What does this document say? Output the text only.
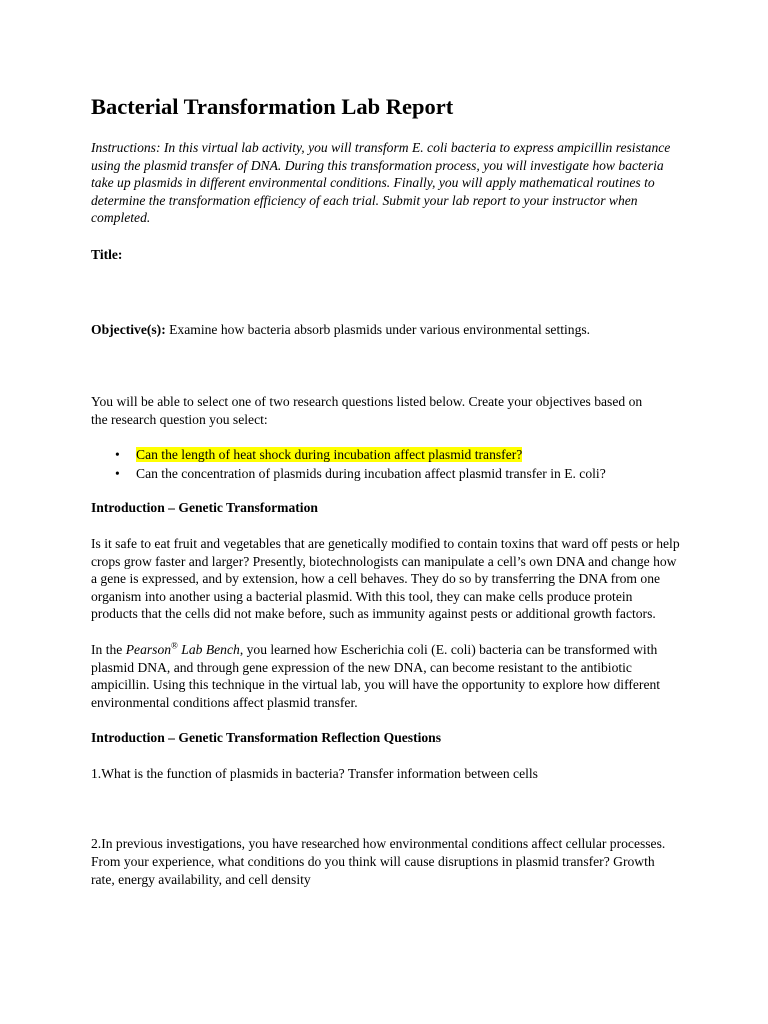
Bacterial Transformation Lab Report

Instructions: In this virtual lab activity, you will transform E. coli bacteria to express ampicillin resistance using the plasmid transfer of DNA. During this transformation process, you will investigate how bacteria take up plasmids in different environmental conditions. Finally, you will apply mathematical routines to determine the transformation efficiency of each trial. Submit your lab report to your instructor when completed.

Title:

Objective(s): Examine how bacteria absorb plasmids under various environmental settings.

You will be able to select one of two research questions listed below. Create your objectives based on the research question you select:

• Can the length of heat shock during incubation affect plasmid transfer?
• Can the concentration of plasmids during incubation affect plasmid transfer in E. coli?
Introduction – Genetic Transformation

Is it safe to eat fruit and vegetables that are genetically modified to contain toxins that ward off pests or help crops grow faster and larger? Presently, biotechnologists can manipulate a cell’s own DNA and change how a gene is expressed, and by extension, how a cell behaves. They do so by transferring the DNA from one organism into another using a bacterial plasmid. With this tool, they can make cells produce protein products that the cells did not make before, such as immunity against pests or additional growth factors.

In the Pearson® Lab Bench, you learned how Escherichia coli (E. coli) bacteria can be transformed with plasmid DNA, and through gene expression of the new DNA, can become resistant to the antibiotic ampicillin. Using this technique in the virtual lab, you will have the opportunity to explore how different environmental conditions affect plasmid transfer.

Introduction – Genetic Transformation Reflection Questions

1.What is the function of plasmids in bacteria? Transfer information between cells

2.In previous investigations, you have researched how environmental conditions affect cellular processes. From your experience, what conditions do you think will cause disruptions in plasmid transfer? Growth rate, energy availability, and cell density
